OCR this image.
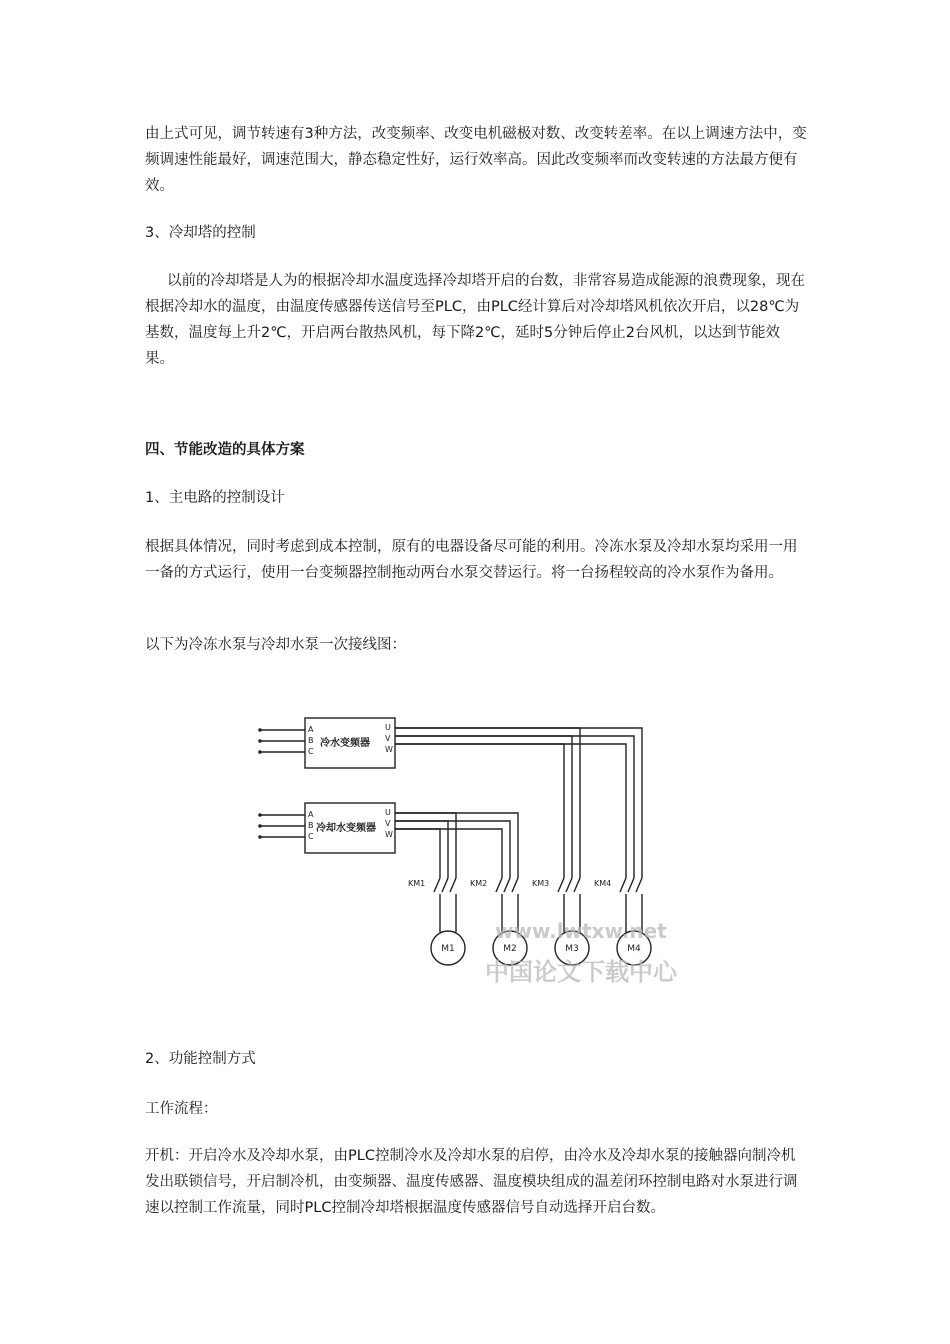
由上式可见，调节转速有3种方法，改变频率、改变电机磁极对数、改变转差率。在以上调速方法中，变频调速性能最好，调速范围大，静态稳定性好，运行效率高。因此改变频率而改变转速的方法最方便有效。

3、冷却塔的控制

以前的冷却塔是人为的根据冷却水温度选择冷却塔开启的台数，非常容易造成能源的浪费现象，现在根据冷却水的温度，由温度传感器传送信号至PLC，由PLC经计算后对冷却塔风机依次开启，以28℃为基数，温度每上升2℃，开启两台散热风机，每下降2℃，延时5分钟后停止2台风机，以达到节能效果。

四、节能改造的具体方案

1、主电路的控制设计

根据具体情况，同时考虑到成本控制，原有的电器设备尽可能的利用。冷冻水泵及冷却水泵均采用一用一备的方式运行，使用一台变频器控制拖动两台水泵交替运行。将一台扬程较高的冷水泵作为备用。

以下为冷冻水泵与冷却水泵一次接线图：

A
B
C
U
V
W
A
B
C
U
V
W
冷水变频器
冷却水变频器
KM1	KM2	KM3	KM4
M1	M2	M3	M4
www.lwtxw.net
中国论文下载中心

2、功能控制方式

工作流程：

开机：开启冷水及冷却水泵，由PLC控制冷水及冷却水泵的启停，由冷水及冷却水泵的接触器向制冷机发出联锁信号，开启制冷机，由变频器、温度传感器、温度模块组成的温差闭环控制电路对水泵进行调速以控制工作流量，同时PLC控制冷却塔根据温度传感器信号自动选择开启台数。
